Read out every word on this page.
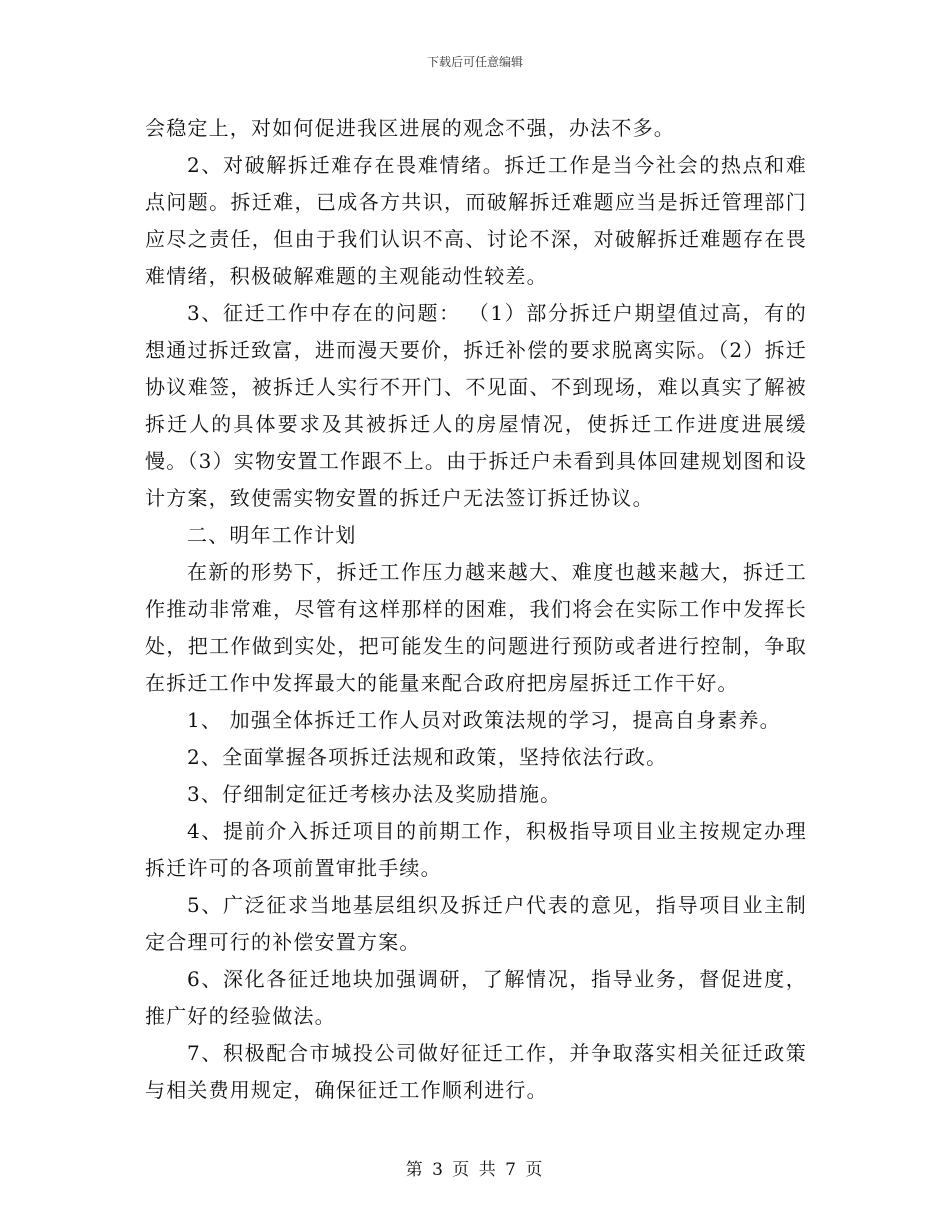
下载后可任意编辑

会稳定上，对如何促进我区进展的观念不强，办法不多。

2、对破解拆迁难存在畏难情绪。拆迁工作是当今社会的热点和难点问题。拆迁难，已成各方共识，而破解拆迁难题应当是拆迁管理部门应尽之责任，但由于我们认识不高、讨论不深，对破解拆迁难题存在畏难情绪，积极破解难题的主观能动性较差。

3、征迁工作中存在的问题： （1）部分拆迁户期望值过高，有的想通过拆迁致富，进而漫天要价，拆迁补偿的要求脱离实际。（2）拆迁协议难签，被拆迁人实行不开门、不见面、不到现场，难以真实了解被拆迁人的具体要求及其被拆迁人的房屋情况，使拆迁工作进度进展缓慢。（3）实物安置工作跟不上。由于拆迁户未看到具体回建规划图和设计方案，致使需实物安置的拆迁户无法签订拆迁协议。

二、明年工作计划

在新的形势下，拆迁工作压力越来越大、难度也越来越大，拆迁工作推动非常难，尽管有这样那样的困难，我们将会在实际工作中发挥长处，把工作做到实处，把可能发生的问题进行预防或者进行控制，争取在拆迁工作中发挥最大的能量来配合政府把房屋拆迁工作干好。

1、 加强全体拆迁工作人员对政策法规的学习，提高自身素养。

2、全面掌握各项拆迁法规和政策，坚持依法行政。

3、仔细制定征迁考核办法及奖励措施。

4、提前介入拆迁项目的前期工作，积极指导项目业主按规定办理拆迁许可的各项前置审批手续。

5、广泛征求当地基层组织及拆迁户代表的意见，指导项目业主制定合理可行的补偿安置方案。

6、深化各征迁地块加强调研，了解情况，指导业务，督促进度，推广好的经验做法。

7、积极配合市城投公司做好征迁工作，并争取落实相关征迁政策与相关费用规定，确保征迁工作顺利进行。

第 3 页 共 7 页
